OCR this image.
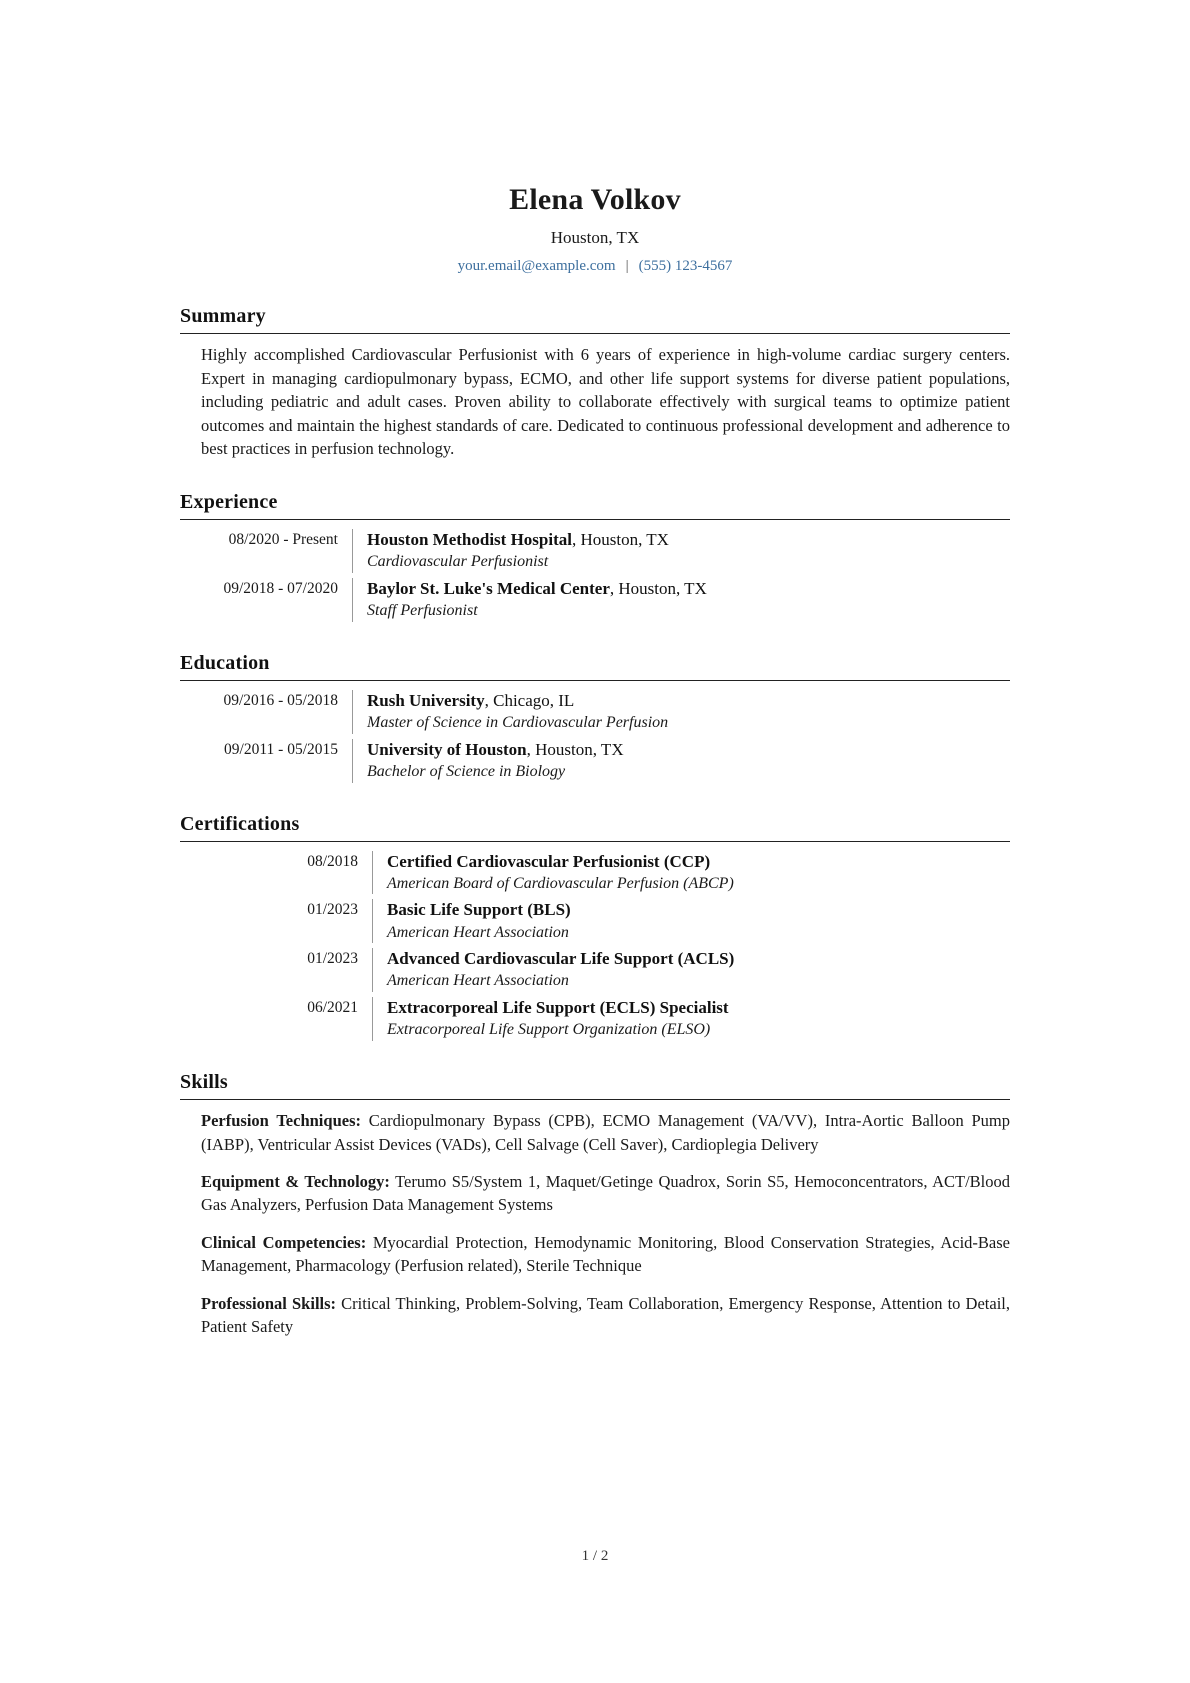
Elena Volkov
Houston, TX
your.email@example.com | (555) 123-4567
Summary

Highly accomplished Cardiovascular Perfusionist with 6 years of experience in high-volume cardiac surgery centers. Expert in managing cardiopulmonary bypass, ECMO, and other life support systems for diverse patient populations, including pediatric and adult cases. Proven ability to collaborate effectively with surgical teams to optimize patient outcomes and maintain the highest standards of care. Dedicated to continuous professional development and adherence to best practices in perfusion technology.

Experience
08/2020 - Present	Houston Methodist Hospital, Houston, TX
Cardiovascular Perfusionist
09/2018 - 07/2020	Baylor St. Luke's Medical Center, Houston, TX
Staff Perfusionist
Education
09/2016 - 05/2018	Rush University, Chicago, IL
Master of Science in Cardiovascular Perfusion
09/2011 - 05/2015	University of Houston, Houston, TX
Bachelor of Science in Biology
Certifications
08/2018	Certified Cardiovascular Perfusionist (CCP)
American Board of Cardiovascular Perfusion (ABCP)
01/2023	Basic Life Support (BLS)
American Heart Association
01/2023	Advanced Cardiovascular Life Support (ACLS)
American Heart Association
06/2021	Extracorporeal Life Support (ECLS) Specialist
Extracorporeal Life Support Organization (ELSO)
Skills

Perfusion Techniques: Cardiopulmonary Bypass (CPB), ECMO Management (VA/VV), Intra-Aortic Balloon Pump (IABP), Ventricular Assist Devices (VADs), Cell Salvage (Cell Saver), Cardioplegia Delivery

Equipment & Technology: Terumo S5/System 1, Maquet/Getinge Quadrox, Sorin S5, Hemoconcentrators, ACT/Blood Gas Analyzers, Perfusion Data Management Systems

Clinical Competencies: Myocardial Protection, Hemodynamic Monitoring, Blood Conservation Strategies, Acid-Base Management, Pharmacology (Perfusion related), Sterile Technique

Professional Skills: Critical Thinking, Problem-Solving, Team Collaboration, Emergency Response, Attention to Detail, Patient Safety

1 / 2
